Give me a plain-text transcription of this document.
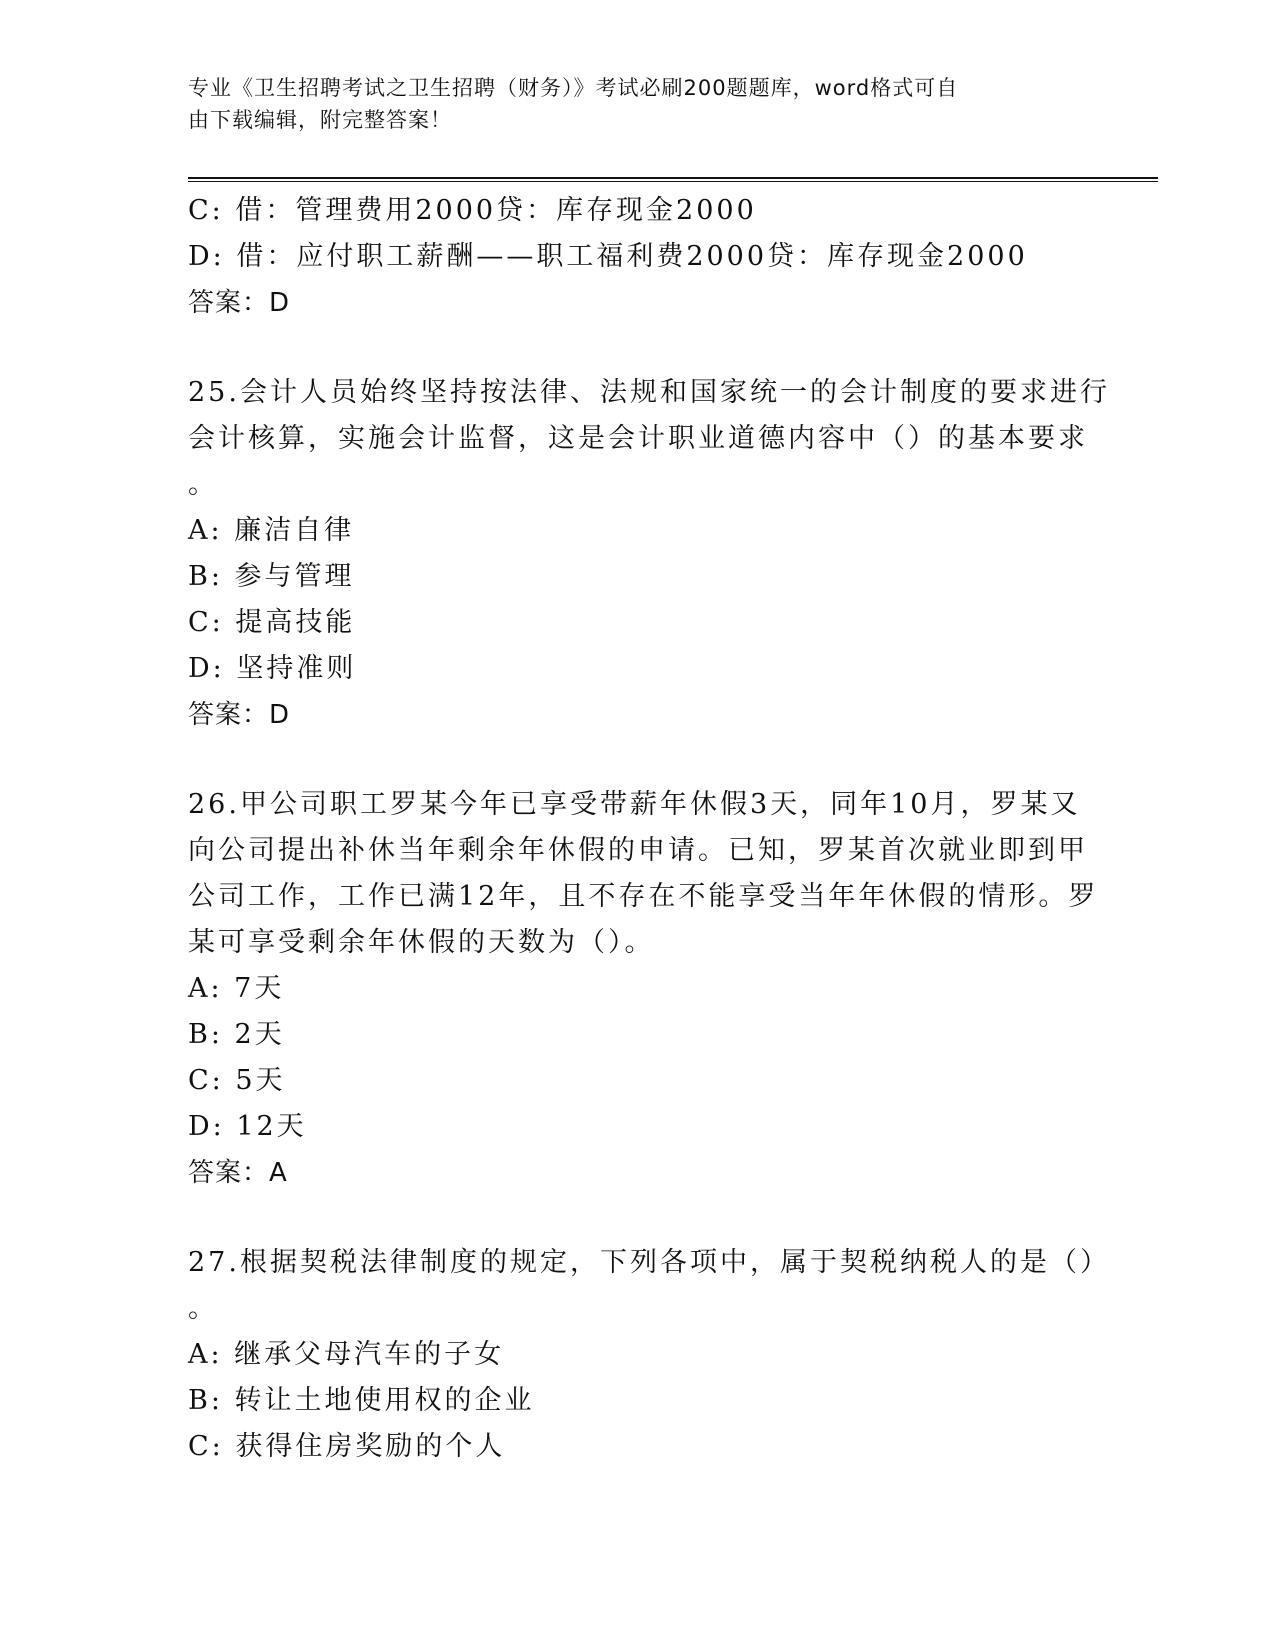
专业《卫生招聘考试之卫生招聘（财务）》考试必刷200题题库，word格式可自
由下载编辑，附完整答案！

C: 借：管理费用2000贷：库存现金2000

D: 借：应付职工薪酬——职工福利费2000贷：库存现金2000

答案：D

25.会计人员始终坚持按法律、法规和国家统一的会计制度的要求进行

会计核算，实施会计监督，这是会计职业道德内容中（）的基本要求

。

A: 廉洁自律

B: 参与管理

C: 提高技能

D: 坚持准则

答案：D

26.甲公司职工罗某今年已享受带薪年休假3天，同年10月，罗某又

向公司提出补休当年剩余年休假的申请。已知，罗某首次就业即到甲

公司工作，工作已满12年，且不存在不能享受当年年休假的情形。罗

某可享受剩余年休假的天数为（）。

A: 7天

B: 2天

C: 5天

D: 12天

答案：A

27.根据契税法律制度的规定，下列各项中，属于契税纳税人的是（）

。

A: 继承父母汽车的子女

B: 转让土地使用权的企业

C: 获得住房奖励的个人
